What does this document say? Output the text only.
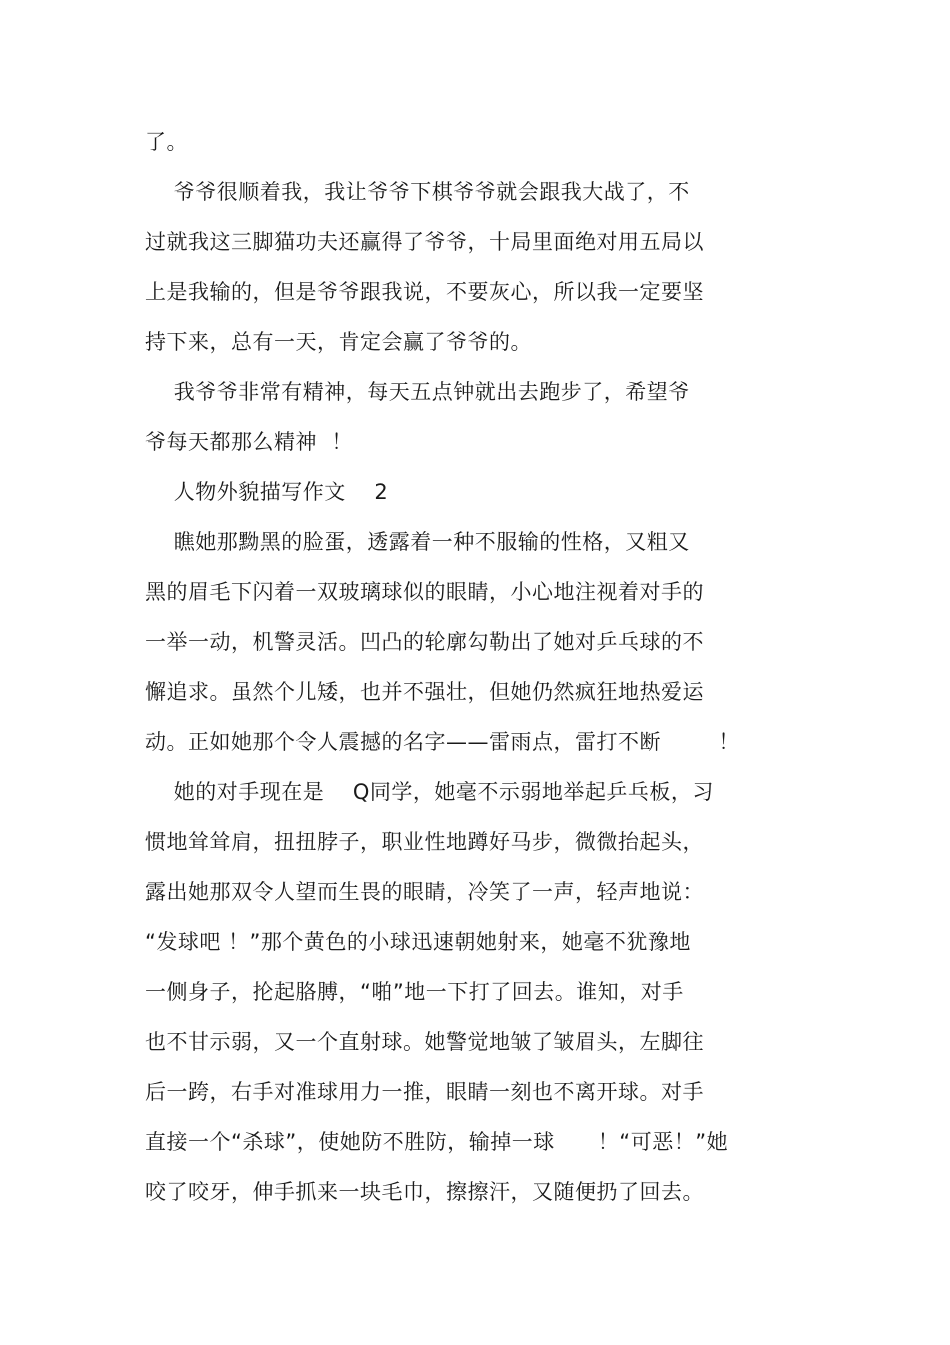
了。

爷爷很顺着我，我让爷爷下棋爷爷就会跟我大战了，不

过就我这三脚猫功夫还赢得了爷爷，十局里面绝对用五局以

上是我输的，但是爷爷跟我说，不要灰心，所以我一定要坚

持下来，总有一天，肯定会赢了爷爷的。

我爷爷非常有精神，每天五点钟就出去跑步了，希望爷

爷每天都那么精神  ！

人物外貌描写作文    2

瞧她那黝黑的脸蛋，透露着一种不服输的性格，又粗又

黑的眉毛下闪着一双玻璃球似的眼睛，小心地注视着对手的

一举一动，机警灵活。凹凸的轮廓勾勒出了她对乒乓球的不

懈追求。虽然个儿矮，也并不强壮，但她仍然疯狂地热爱运

动。正如她那个令人震撼的名字——雷雨点，雷打不断        ！

她的对手现在是    Q同学，她毫不示弱地举起乒乓板，习

惯地耸耸肩，扭扭脖子，职业性地蹲好马步，微微抬起头，

露出她那双令人望而生畏的眼睛，冷笑了一声，轻声地说：

“发球吧 ！”那个黄色的小球迅速朝她射来，她毫不犹豫地

一侧身子，抡起胳膊，“啪”地一下打了回去。谁知，对手

也不甘示弱，又一个直射球。她警觉地皱了皱眉头，左脚往

后一跨，右手对准球用力一推，眼睛一刻也不离开球。对手

直接一个“杀球”，使她防不胜防，输掉一球      ！“可恶！”她

咬了咬牙，伸手抓来一块毛巾，擦擦汗，又随便扔了回去。
